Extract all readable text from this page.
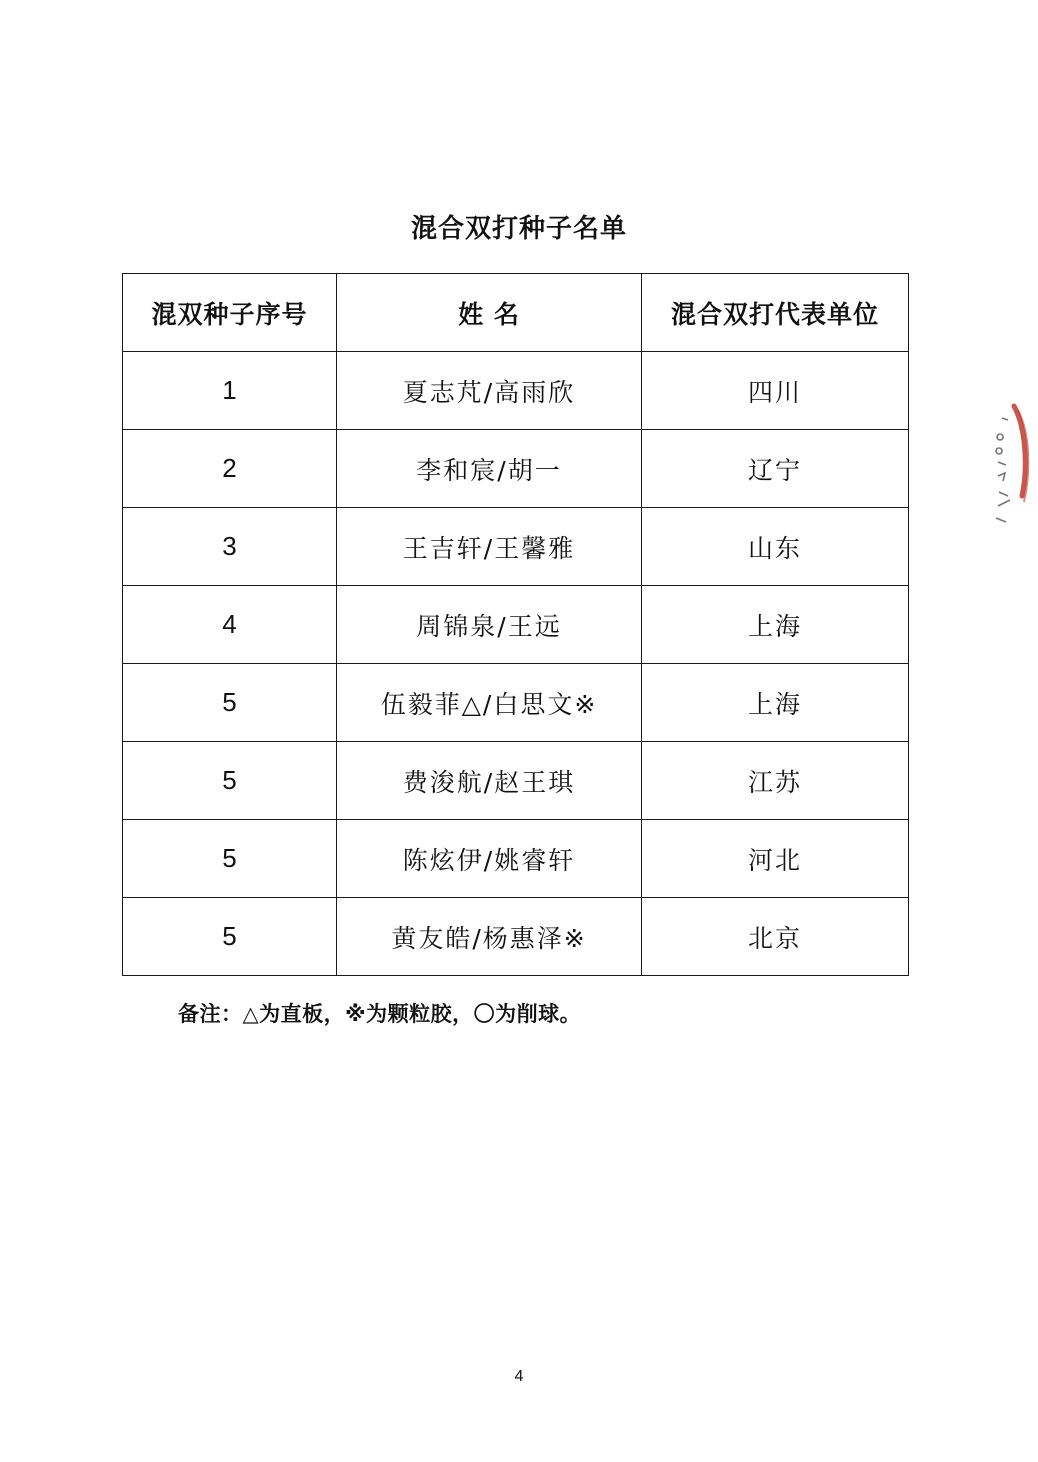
混合双打种子名单
混双种子序号	姓 名	混合双打代表单位
1	夏志芃/高雨欣	四川
2	李和宸/胡一	辽宁
3	王吉轩/王馨雅	山东
4	周锦泉/王远	上海
5	伍毅菲△/白思文※	上海
5	费浚航/赵王琪	江苏
5	陈炫伊/姚睿轩	河北
5	黄友皓/杨惠泽※	北京
备注：△为直板，※为颗粒胶，〇为削球。
4
